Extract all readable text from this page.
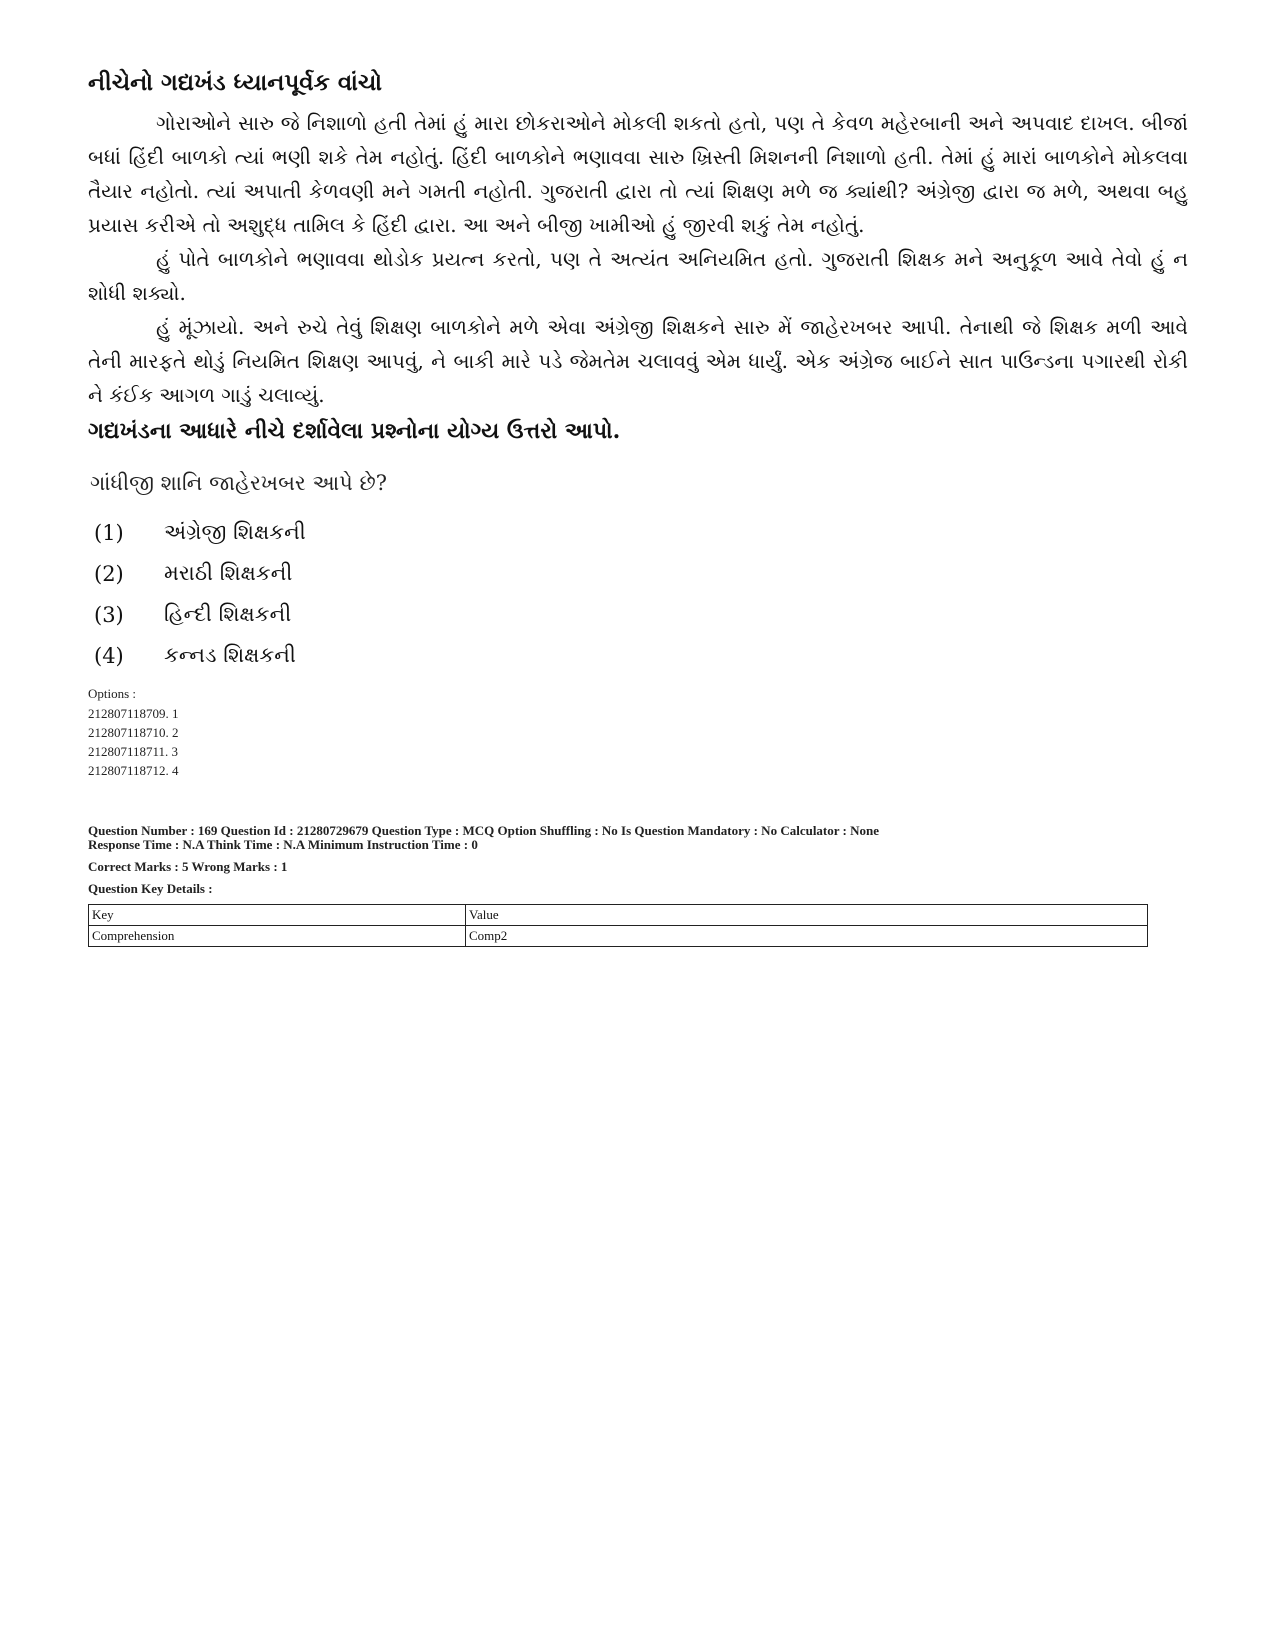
નીચેનો ગદ્યખંડ ધ્યાનપૂર્વક વાંચો

ગોરાઓને સારુ જે નિશાળો હતી તેમાં હું મારા છોકરાઓને મોકલી શકતો હતો, પણ તે કેવળ મહેરબાની અને અપવાદ દાખલ. બીજાં બધાં હિંદી બાળકો ત્યાં ભણી શકે તેમ નહોતું. હિંદી બાળકોને ભણાવવા સારુ ખ્રિસ્તી મિશનની નિશાળો હતી. તેમાં હું મારાં બાળકોને મોકલવા તૈયાર નહોતો. ત્યાં અપાતી કેળવણી મને ગમતી નહોતી. ગુજરાતી દ્વારા તો ત્યાં શિક્ષણ મળે જ ક્યાંથી? અંગ્રેજી દ્વારા જ મળે, અથવા બહુ પ્રયાસ કરીએ તો અશુદ્ધ તામિલ કે હિંદી દ્વારા. આ અને બીજી ખામીઓ હું જીરવી શકું તેમ નહોતું.

હું પોતે બાળકોને ભણાવવા થોડોક પ્રયત્ન કરતો, પણ તે અત્યંત અનિયમિત હતો. ગુજરાતી શિક્ષક મને અનુકૂળ આવે તેવો હું ન શોધી શક્યો.

હું મૂંઝાયો. અને રુચે તેવું શિક્ષણ બાળકોને મળે એવા અંગ્રેજી શિક્ષકને સારુ મેં જાહેરખબર આપી. તેનાથી જે શિક્ષક મળી આવે તેની મારફતે થોડું નિયમિત શિક્ષણ આપવું, ને બાકી મારે પડે જેમતેમ ચલાવવું એમ ધાર્યું. એક અંગ્રેજ બાઈને સાત પાઉન્ડના પગારથી રોકી ને કંઈક આગળ ગાડું ચલાવ્યું.

ગદ્યખંડના આધારે નીચે દર્શાવેલા પ્રશ્નોના યોગ્ય ઉત્તરો આપો.
ગાંધીજી શાનિ જાહેરખબર આપે છે?
(1)	અંગ્રેજી શિક્ષકની
(2)	મરાઠી શિક્ષકની
(3)	હિન્દી શિક્ષકની
(4)	કન્નડ શિક્ષકની
Options :
212807118709. 1
212807118710. 2
212807118711. 3
212807118712. 4
Question Number : 169 Question Id : 21280729679 Question Type : MCQ Option Shuffling : No Is Question Mandatory : No Calculator : None
Response Time : N.A Think Time : N.A Minimum Instruction Time : 0
Correct Marks : 5 Wrong Marks : 1
Question Key Details :
Key	Value
Comprehension	Comp2
